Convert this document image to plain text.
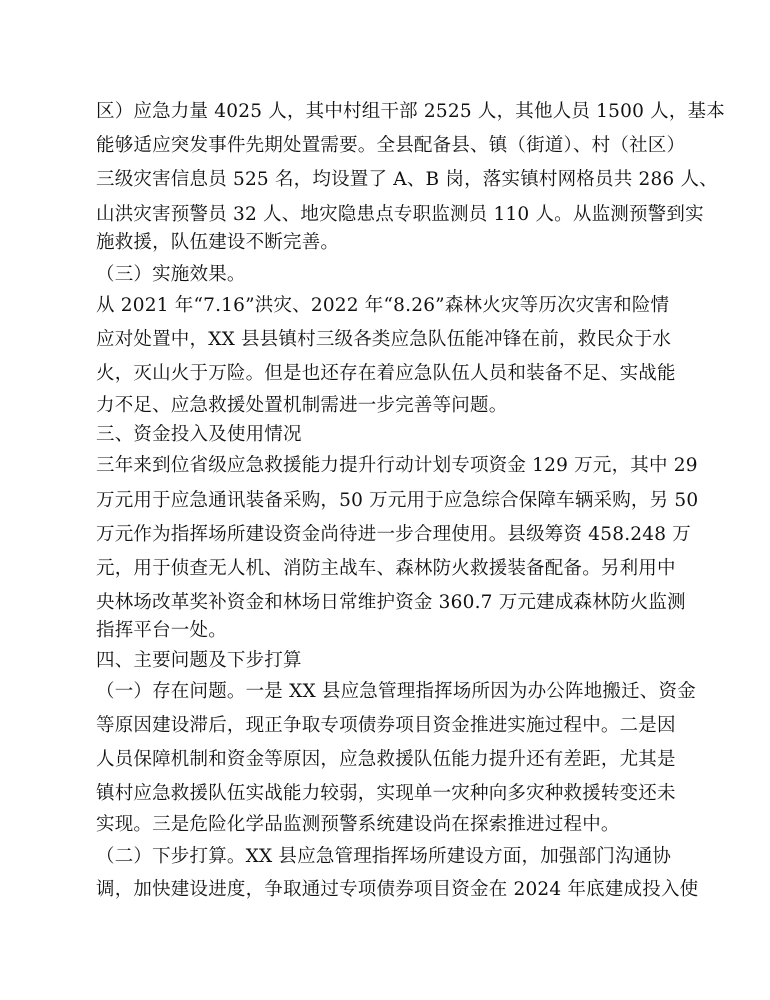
区）应急力量 4025 人，其中村组干部 2525 人，其他人员 1500 人，基本
能够适应突发事件先期处置需要。全县配备县、镇（街道）、村（社区）
三级灾害信息员 525 名，均设置了 A、B 岗，落实镇村网格员共 286 人、
山洪灾害预警员 32 人、地灾隐患点专职监测员 110 人。从监测预警到实
施救援，队伍建设不断完善。
（三）实施效果。
从 2021 年“7.16”洪灾、2022 年“8.26”森林火灾等历次灾害和险情
应对处置中，XX 县县镇村三级各类应急队伍能冲锋在前，救民众于水
火，灭山火于万险。但是也还存在着应急队伍人员和装备不足、实战能
力不足、应急救援处置机制需进一步完善等问题。
三、资金投入及使用情况
三年来到位省级应急救援能力提升行动计划专项资金 129 万元，其中 29
万元用于应急通讯装备采购，50 万元用于应急综合保障车辆采购，另 50
万元作为指挥场所建设资金尚待进一步合理使用。县级筹资 458.248 万
元，用于侦查无人机、消防主战车、森林防火救援装备配备。另利用中
央林场改革奖补资金和林场日常维护资金 360.7 万元建成森林防火监测
指挥平台一处。
四、主要问题及下步打算
（一）存在问题。一是 XX 县应急管理指挥场所因为办公阵地搬迁、资金
等原因建设滞后，现正争取专项债券项目资金推进实施过程中。二是因
人员保障机制和资金等原因，应急救援队伍能力提升还有差距，尤其是
镇村应急救援队伍实战能力较弱，实现单一灾种向多灾种救援转变还未
实现。三是危险化学品监测预警系统建设尚在探索推进过程中。
（二）下步打算。XX 县应急管理指挥场所建设方面，加强部门沟通协
调，加快建设进度，争取通过专项债券项目资金在 2024 年底建成投入使
